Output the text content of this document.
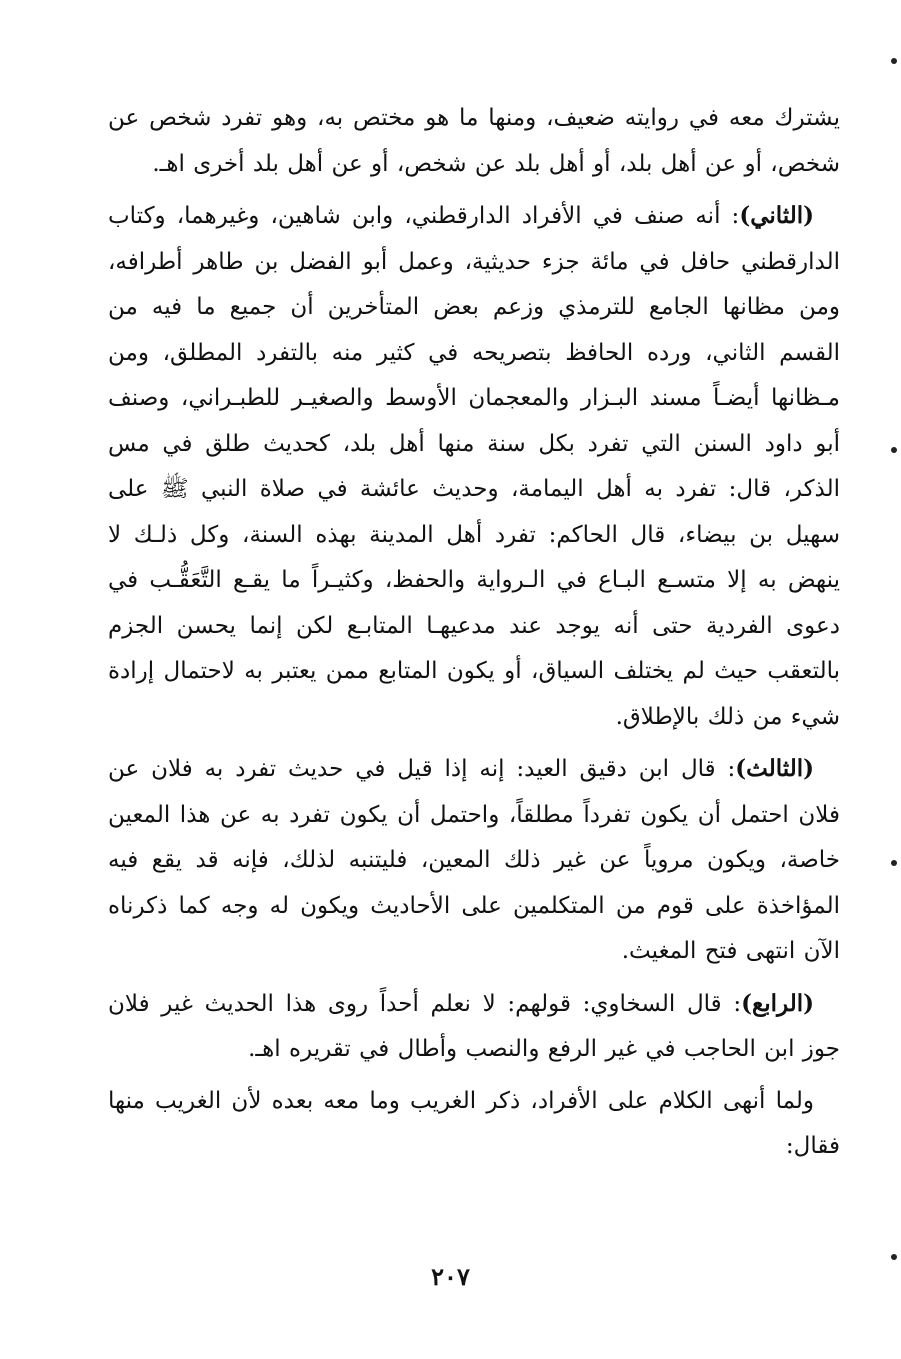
يشترك معه في روايته ضعيف، ومنها ما هو مختص به، وهو تفرد شخص عن شخص، أو عن أهل بلد، أو أهل بلد عن شخص، أو عن أهل بلد أخرى اهـ.

(الثاني): أنه صنف في الأفراد الدارقطني، وابن شاهين، وغيرهما، وكتاب الدارقطني حافل في مائة جزء حديثية، وعمل أبو الفضل بن طاهر أطرافه، ومن مظانها الجامع للترمذي وزعم بعض المتأخرين أن جميع ما فيه من القسم الثاني، ورده الحافظ بتصريحه في كثير منه بالتفرد المطلق، ومن مـظانها أيضـاً مسند البـزار والمعجمان الأوسط والصغيـر للطبـراني، وصنف أبو داود السنن التي تفرد بكل سنة منها أهل بلد، كحديث طلق في مس الذكر، قال: تفرد به أهل اليمامة، وحديث عائشة في صلاة النبي ﷺ على سهيل بن بيضاء، قال الحاكم: تفرد أهل المدينة بهذه السنة، وكل ذلـك لا ينهض به إلا متسـع البـاع في الـرواية والحفظ، وكثيـراً ما يقـع التَّعَقُّـب في دعوى الفردية حتى أنه يوجد عند مدعيهـا المتابـع لكن إنما يحسن الجزم بالتعقب حيث لم يختلف السياق، أو يكون المتابع ممن يعتبر به لاحتمال إرادة شيء من ذلك بالإطلاق.

(الثالث): قال ابن دقيق العيد: إنه إذا قيل في حديث تفرد به فلان عن فلان احتمل أن يكون تفرداً مطلقاً، واحتمل أن يكون تفرد به عن هذا المعين خاصة، ويكون مروياً عن غير ذلك المعين، فليتنبه لذلك، فإنه قد يقع فيه المؤاخذة على قوم من المتكلمين على الأحاديث ويكون له وجه كما ذكرناه الآن انتهى فتح المغيث.

(الرابع): قال السخاوي: قولهم: لا نعلم أحداً روى هذا الحديث غير فلان جوز ابن الحاجب في غير الرفع والنصب وأطال في تقريره اهـ.

ولما أنهى الكلام على الأفراد، ذكر الغريب وما معه بعده لأن الغريب منها فقال:

٢٠٧
